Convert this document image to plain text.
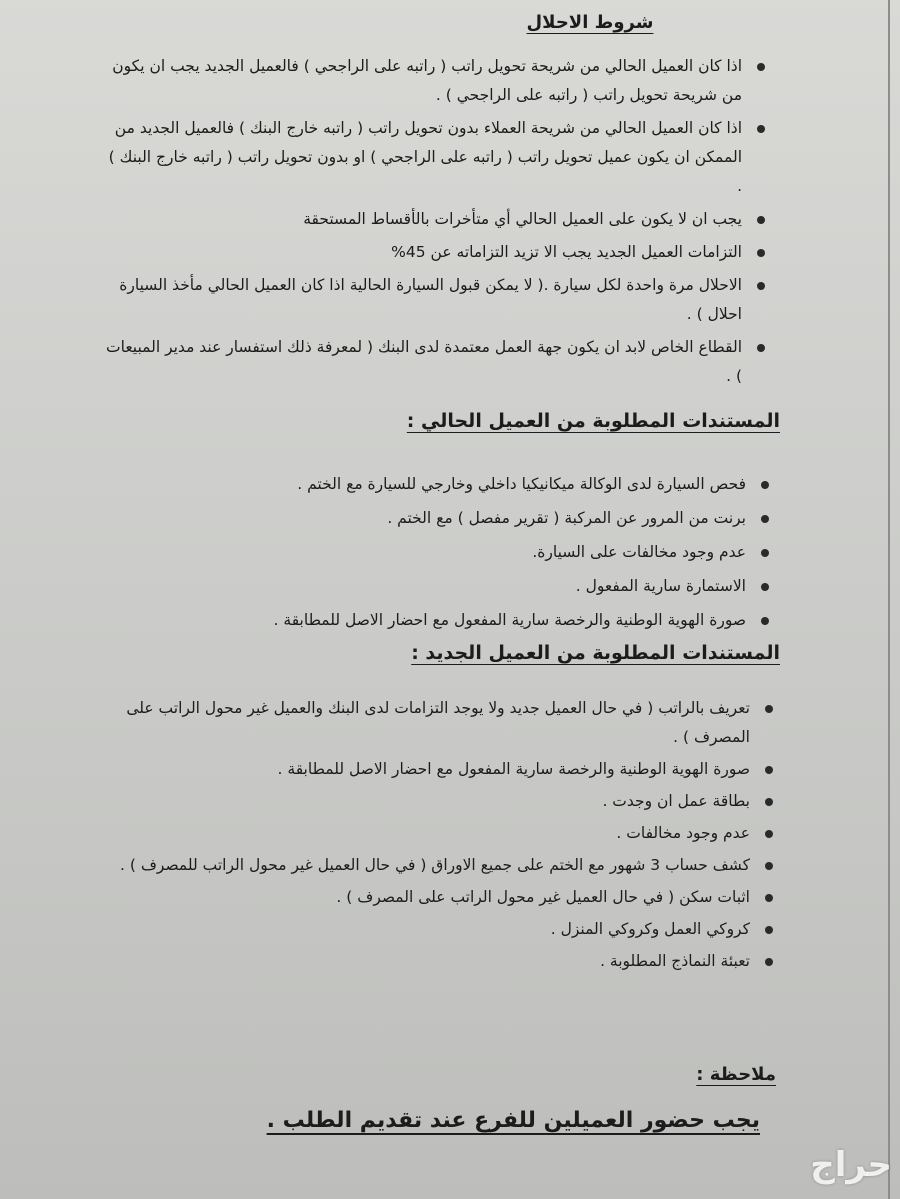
شروط الاحلال
اذا كان العميل الحالي من شريحة تحويل راتب ( راتبه على الراجحي ) فالعميل الجديد يجب ان يكون من شريحة تحويل راتب ( راتبه على الراجحي ) .
اذا كان العميل الحالي من شريحة العملاء بدون تحويل راتب ( راتبه خارج البنك ) فالعميل الجديد من الممكن ان يكون عميل تحويل راتب ( راتبه على الراجحي ) او بدون تحويل راتب ( راتبه خارج البنك ) .
يجب ان لا يكون على العميل الحالي أي متأخرات بالأقساط المستحقة
التزامات العميل الجديد يجب الا تزيد التزاماته عن 45%
الاحلال مرة واحدة لكل سيارة .( لا يمكن قبول السيارة الحالية اذا كان العميل الحالي مأخذ السيارة احلال ) .
القطاع الخاص لابد ان يكون جهة العمل معتمدة لدى البنك ( لمعرفة ذلك استفسار عند مدير المبيعات ) .
المستندات المطلوبة من العميل الحالي :
فحص السيارة لدى الوكالة ميكانيكيا داخلي وخارجي للسيارة مع الختم .
برنت من المرور عن المركبة ( تقرير مفصل ) مع الختم .
عدم وجود مخالفات على السيارة.
الاستمارة سارية المفعول .
صورة الهوية الوطنية والرخصة سارية المفعول مع احضار الاصل للمطابقة .
المستندات المطلوبة من العميل الجديد :
تعريف بالراتب ( في حال العميل جديد ولا يوجد التزامات لدى البنك والعميل غير محول الراتب على المصرف ) .
صورة الهوية الوطنية والرخصة سارية المفعول مع احضار الاصل للمطابقة .
بطاقة عمل ان وجدت .
عدم وجود مخالفات .
كشف حساب 3 شهور مع الختم على جميع الاوراق ( في حال العميل غير محول الراتب للمصرف ) .
اثبات سكن ( في حال العميل غير محول الراتب على المصرف ) .
كروكي العمل وكروكي المنزل .
تعبئة النماذج المطلوبة .
ملاحظة :
يجب حضور العميلين للفرع عند تقديم الطلب .
حراج
